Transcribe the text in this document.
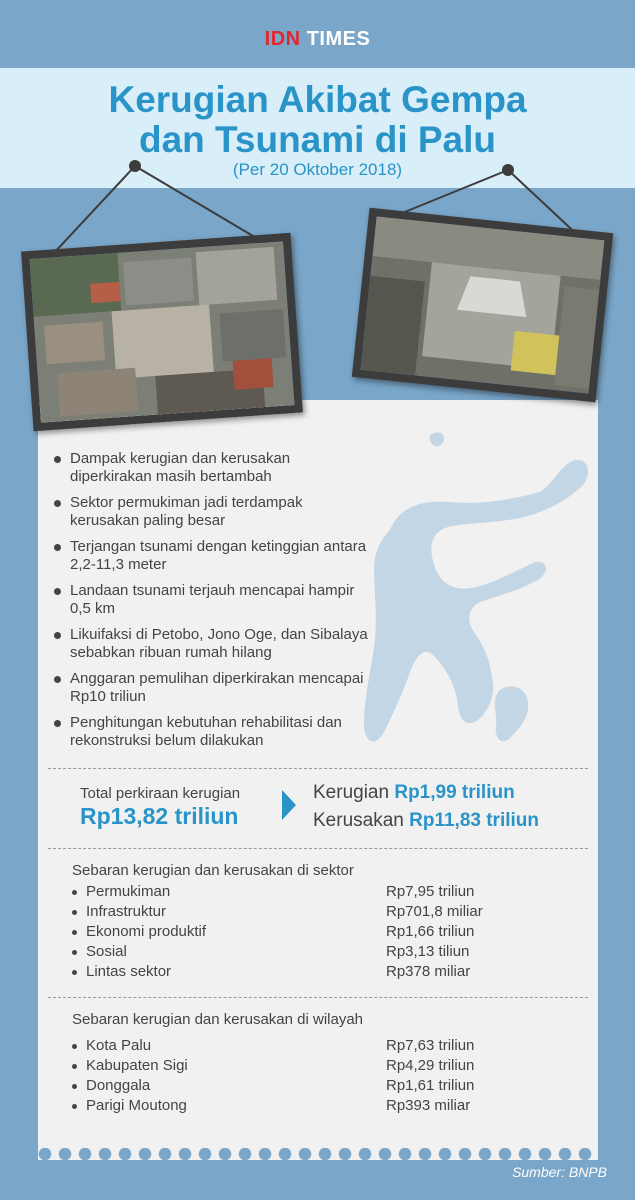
IDN TIMES
Kerugian Akibat Gempa
dan Tsunami di Palu
(Per 20 Oktober 2018)
Dampak kerugian dan kerusakan diperkirakan masih bertambah
Sektor permukiman jadi terdampak kerusakan paling besar
Terjangan tsunami dengan ketinggian antara 2,2-11,3 meter
Landaan tsunami terjauh mencapai hampir 0,5 km
Likuifaksi di Petobo, Jono Oge, dan Sibalaya sebabkan ribuan rumah hilang
Anggaran pemulihan diperkirakan mencapai Rp10 triliun
Penghitungan kebutuhan rehabilitasi dan rekonstruksi belum dilakukan
Total perkiraan kerugian
Rp13,82 triliun
Kerugian Rp1,99 triliun
Kerusakan Rp11,83 triliun
Sebaran kerugian dan kerusakan di sektor
Permukiman	Rp7,95 triliun
Infrastruktur	Rp701,8 miliar
Ekonomi produktif	Rp1,66 triliun
Sosial	Rp3,13 tiliun
Lintas sektor	Rp378 miliar
Sebaran kerugian dan kerusakan di wilayah
Kota Palu	Rp7,63 triliun
Kabupaten Sigi	Rp4,29 triliun
Donggala	Rp1,61 triliun
Parigi Moutong	Rp393 miliar
Sumber: BNPB
